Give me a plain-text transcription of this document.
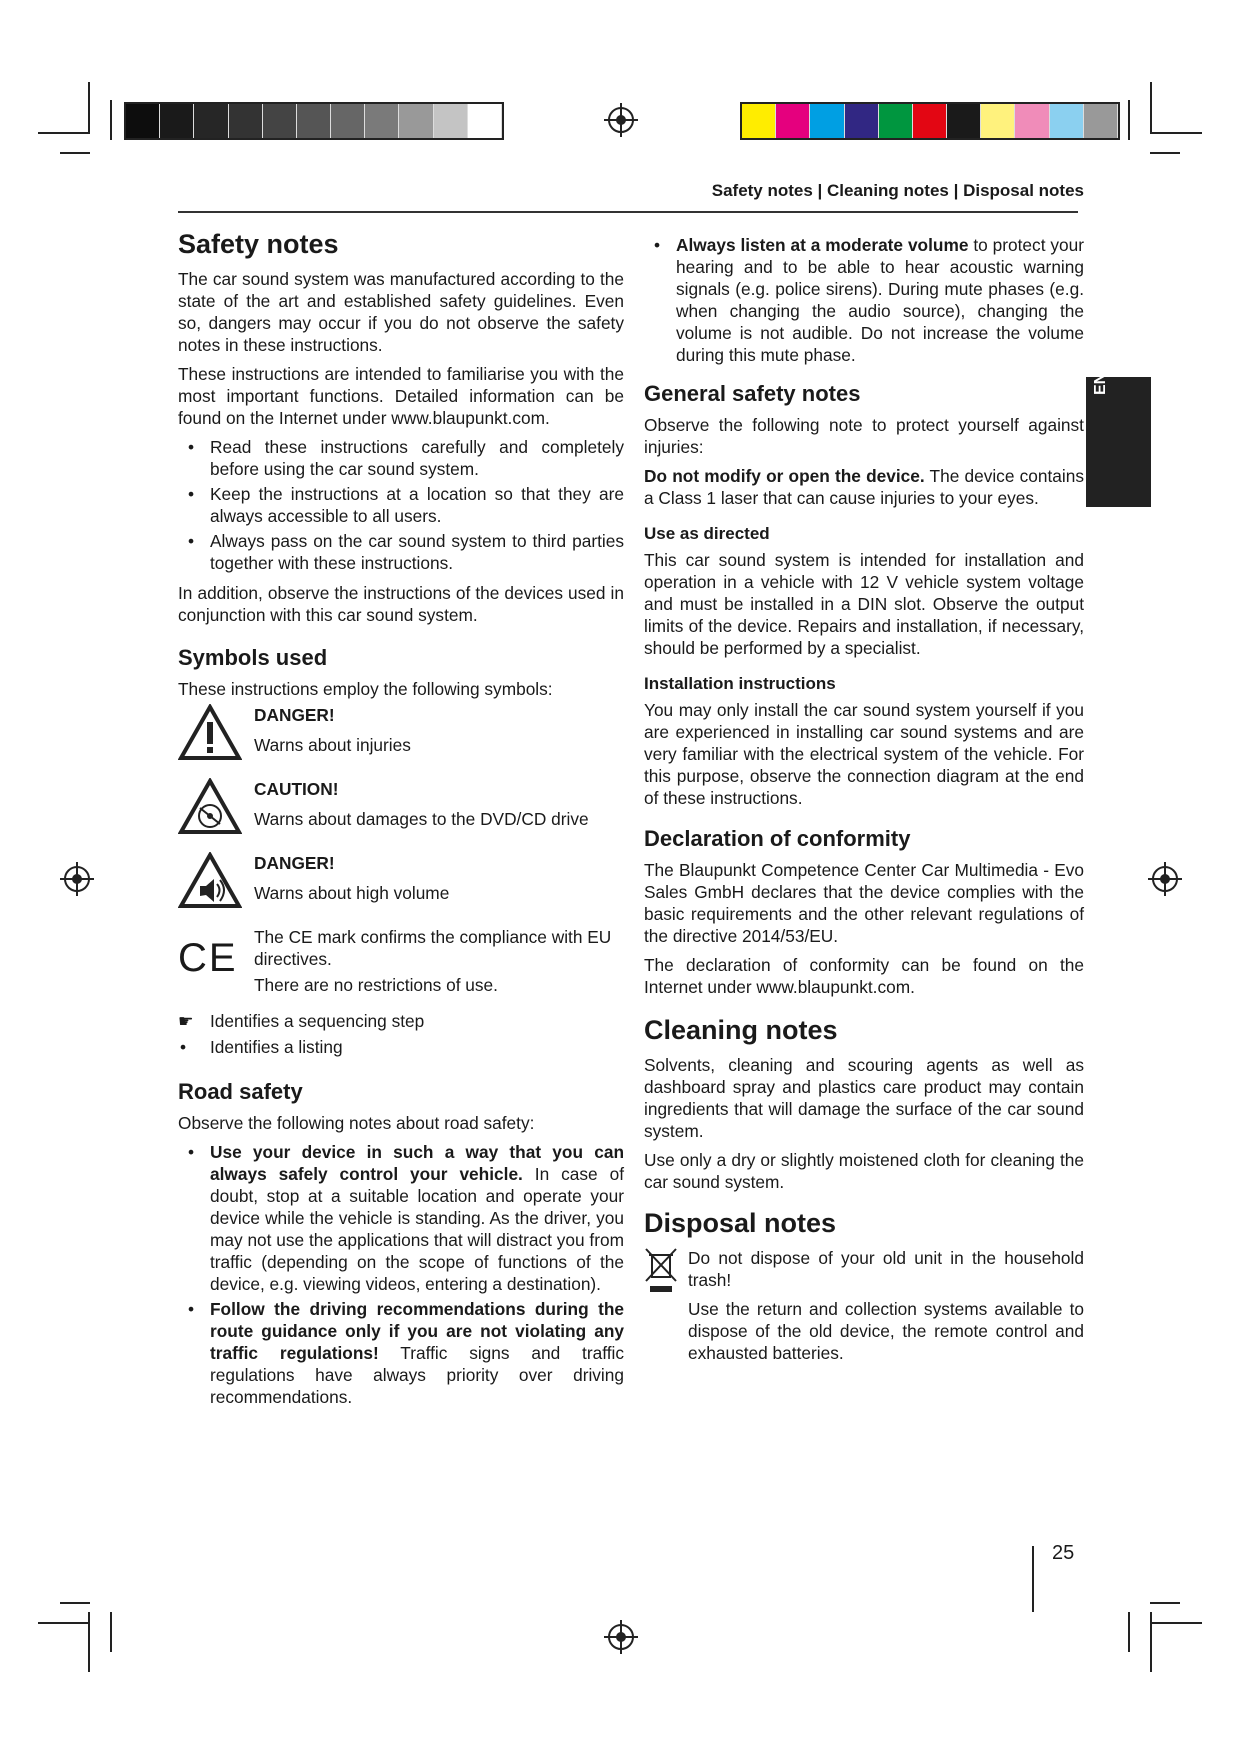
Safety notes | Cleaning notes | Disposal notes
ENG
Safety notes

The car sound system was manufactured according to the state of the art and established safety guidelines. Even so, dangers may occur if you do not observe the safety notes in these instructions.

These instructions are intended to familiarise you with the most important functions. Detailed information can be found on the Internet under www.blaupunkt.com.

• Read these instructions carefully and completely before using the car sound system.
• Keep the instructions at a location so that they are always accessible to all users.
• Always pass on the car sound system to third parties together with these instructions.

In addition, observe the instructions of the devices used in conjunction with this car sound system.

Symbols used

These instructions employ the following symbols:

DANGER!
Warns about injuries
CAUTION!
Warns about damages to the DVD/CD drive
DANGER!
Warns about high volume
CE The CE mark confirms the compliance with EU directives.
There are no restrictions of use.
☛ Identifies a sequencing step
• Identifies a listing
Road safety

Observe the following notes about road safety:

• Use your device in such a way that you can always safely control your vehicle. In case of doubt, stop at a suitable location and operate your device while the vehicle is standing. As the driver, you may not use the applications that will distract you from traffic (depending on the scope of functions of the device, e.g. viewing videos, entering a destination).
• Follow the driving recommendations during the route guidance only if you are not violating any traffic regulations! Traffic signs and traffic regulations have always priority over driving recommendations.
• Always listen at a moderate volume to protect your hearing and to be able to hear acoustic warning signals (e.g. police sirens). During mute phases (e.g. when changing the audio source), changing the volume is not audible. Do not increase the volume during this mute phase.
General safety notes

Observe the following note to protect yourself against injuries:

Do not modify or open the device. The device contains a Class 1 laser that can cause injuries to your eyes.

Use as directed

This car sound system is intended for installation and operation in a vehicle with 12 V vehicle system voltage and must be installed in a DIN slot. Observe the output limits of the device. Repairs and installation, if necessary, should be performed by a specialist.

Installation instructions

You may only install the car sound system yourself if you are experienced in installing car sound systems and are very familiar with the electrical system of the vehicle. For this purpose, observe the connection diagram at the end of these instructions.

Declaration of conformity

The Blaupunkt Competence Center Car Multimedia - Evo Sales GmbH declares that the device complies with the basic requirements and the other relevant regulations of the directive 2014/53/EU.

The declaration of conformity can be found on the Internet under www.blaupunkt.com.

Cleaning notes

Solvents, cleaning and scouring agents as well as dashboard spray and plastics care product may contain ingredients that will damage the surface of the car sound system.

Use only a dry or slightly moistened cloth for cleaning the car sound system.

Disposal notes

Do not dispose of your old unit in the household trash!

Use the return and collection systems available to dispose of the old device, the remote control and exhausted batteries.

25
